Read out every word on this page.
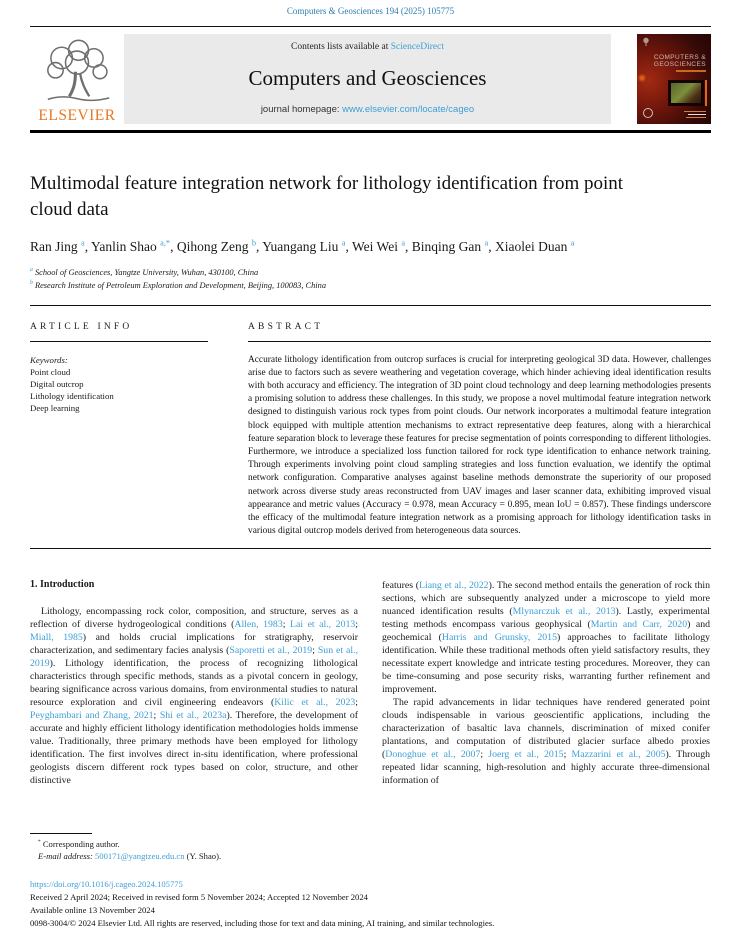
Computers & Geosciences 194 (2025) 105775
ELSEVIER
Contents lists available at ScienceDirect
Computers and Geosciences
journal homepage: www.elsevier.com/locate/cageo
COMPUTERS &
GEOSCIENCES
Multimodal feature integration network for lithology identification from point cloud data
Ran Jing $^a$, Yanlin Shao $^{a,*}$, Qihong Zeng $^b$, Yuangang Liu $^a$, Wei Wei $^a$, Binqing Gan $^a$, Xiaolei Duan $^a$
$^a$ School of Geosciences, Yangtze University, Wuhan, 430100, China
$^b$ Research Institute of Petroleum Exploration and Development, Beijing, 100083, China
ARTICLE INFO
Keywords:
Point cloud
Digital outcrop
Lithology identification
Deep learning
ABSTRACT
Accurate lithology identification from outcrop surfaces is crucial for interpreting geological 3D data. However, challenges arise due to factors such as severe weathering and vegetation coverage, which hinder achieving ideal identification results with both accuracy and efficiency. The integration of 3D point cloud technology and deep learning methodologies presents a promising solution to address these challenges. In this study, we propose a novel multimodal feature integration network designed to distinguish various rock types from point clouds. Our network incorporates a multimodal feature integration block equipped with multiple attention mechanisms to extract representative deep features, along with a hierarchical feature separation block to leverage these features for precise segmentation of points corresponding to different lithologies. Furthermore, we introduce a specialized loss function tailored for rock type identification to enhance network training. Through experiments involving point cloud sampling strategies and loss function evaluation, we identify the optimal network configuration. Comparative analyses against baseline methods demonstrate the superiority of our proposed network across diverse study areas reconstructed from UAV images and laser scanner data, exhibiting improved visual appearance and metric values (Accuracy = 0.978, mean Accuracy = 0.895, mean IoU = 0.857). These findings underscore the efficacy of the multimodal feature integration network as a promising approach for lithology identification tasks in various digital outcrop models derived from heterogeneous data sources.
1. Introduction

Lithology, encompassing rock color, composition, and structure, serves as a reflection of diverse hydrogeological conditions (Allen, 1983; Lai et al., 2013; Miall, 1985) and holds crucial implications for stratigraphy, reservoir characterization, and sedimentary facies analysis (Saporetti et al., 2019; Sun et al., 2019). Lithology identification, the process of recognizing lithological characteristics through specific methods, stands as a pivotal concern in geology, bearing significance across various domains, from environmental studies to natural resource exploration and civil engineering endeavors (Kilic et al., 2023; Peyghambari and Zhang, 2021; Shi et al., 2023a). Therefore, the development of accurate and highly efficient lithology identification methodologies holds immense value. Traditionally, three primary methods have been employed for lithology identification. The first involves direct in-situ identification, where professional geologists discern different rock types based on color, structure, and other distinctive

features (Liang et al., 2022). The second method entails the generation of rock thin sections, which are subsequently analyzed under a microscope to yield more nuanced identification results (Mlynarczuk et al., 2013). Lastly, experimental testing methods encompass various geophysical (Martin and Carr, 2020) and geochemical (Harris and Grunsky, 2015) approaches to facilitate lithology identification. While these traditional methods often yield satisfactory results, they necessitate expert knowledge and intricate testing procedures. Moreover, they can be time-consuming and pose security risks, warranting further refinement and improvement.

The rapid advancements in lidar techniques have rendered generated point clouds indispensable in various geoscientific applications, including the characterization of basaltic lava channels, discrimination of mixed conifer plantations, and computation of distributed glacier surface albedo proxies (Donoghue et al., 2007; Joerg et al., 2015; Mazzarini et al., 2005). Through repeated lidar scanning, high-resolution and highly accurate three-dimensional information of

* Corresponding author.
E-mail address: 500171@yangtzeu.edu.cn (Y. Shao).
https://doi.org/10.1016/j.cageo.2024.105775
Received 2 April 2024; Received in revised form 5 November 2024; Accepted 12 November 2024
Available online 13 November 2024
0098-3004/© 2024 Elsevier Ltd. All rights are reserved, including those for text and data mining, AI training, and similar technologies.
